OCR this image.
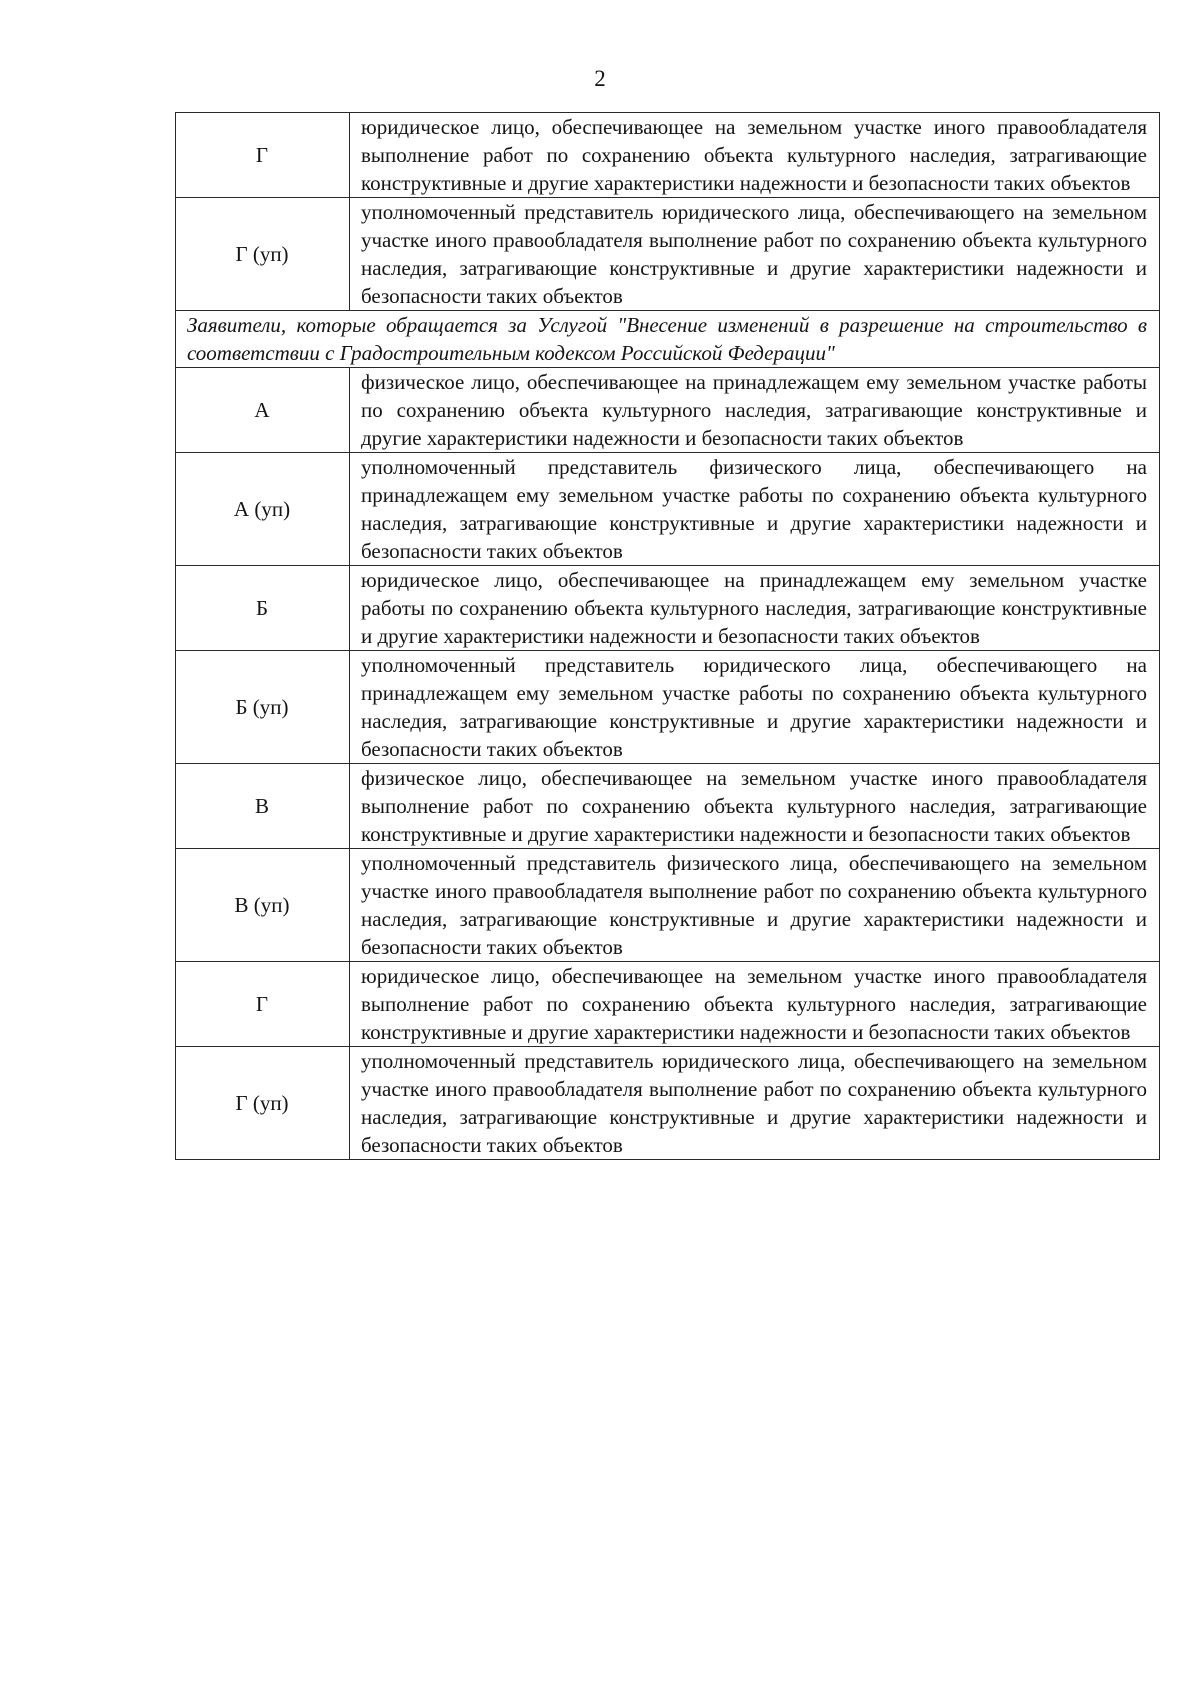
2
Г	юридическое лицо, обеспечивающее на земельном участке иного правообладателя выполнение работ по сохранению объекта культурного наследия, затрагивающие конструктивные и другие характеристики надежности и безопасности таких объектов
Г (уп)	уполномоченный представитель юридического лица, обеспечивающего на земельном участке иного правообладателя выполнение работ по сохранению объекта культурного наследия, затрагивающие конструктивные и другие характеристики надежности и безопасности таких объектов
Заявители, которые обращается за Услугой "Внесение изменений в разрешение на строительство в соответствии с Градостроительным кодексом Российской Федерации"	
А	физическое лицо, обеспечивающее на принадлежащем ему земельном участке работы по сохранению объекта культурного наследия, затрагивающие конструктивные и другие характеристики надежности и безопасности таких объектов
А (уп)	уполномоченный представитель физического лица, обеспечивающего на принадлежащем ему земельном участке работы по сохранению объекта культурного наследия, затрагивающие конструктивные и другие характеристики надежности и безопасности таких объектов
Б	юридическое лицо, обеспечивающее на принадлежащем ему земельном участке работы по сохранению объекта культурного наследия, затрагивающие конструктивные и другие характеристики надежности и безопасности таких объектов
Б (уп)	уполномоченный представитель юридического лица, обеспечивающего на принадлежащем ему земельном участке работы по сохранению объекта культурного наследия, затрагивающие конструктивные и другие характеристики надежности и безопасности таких объектов
В	физическое лицо, обеспечивающее на земельном участке иного правообладателя выполнение работ по сохранению объекта культурного наследия, затрагивающие конструктивные и другие характеристики надежности и безопасности таких объектов
В (уп)	уполномоченный представитель физического лица, обеспечивающего на земельном участке иного правообладателя выполнение работ по сохранению объекта культурного наследия, затрагивающие конструктивные и другие характеристики надежности и безопасности таких объектов
Г	юридическое лицо, обеспечивающее на земельном участке иного правообладателя выполнение работ по сохранению объекта культурного наследия, затрагивающие конструктивные и другие характеристики надежности и безопасности таких объектов
Г (уп)	уполномоченный представитель юридического лица, обеспечивающего на земельном участке иного правообладателя выполнение работ по сохранению объекта культурного наследия, затрагивающие конструктивные и другие характеристики надежности и безопасности таких объектов
